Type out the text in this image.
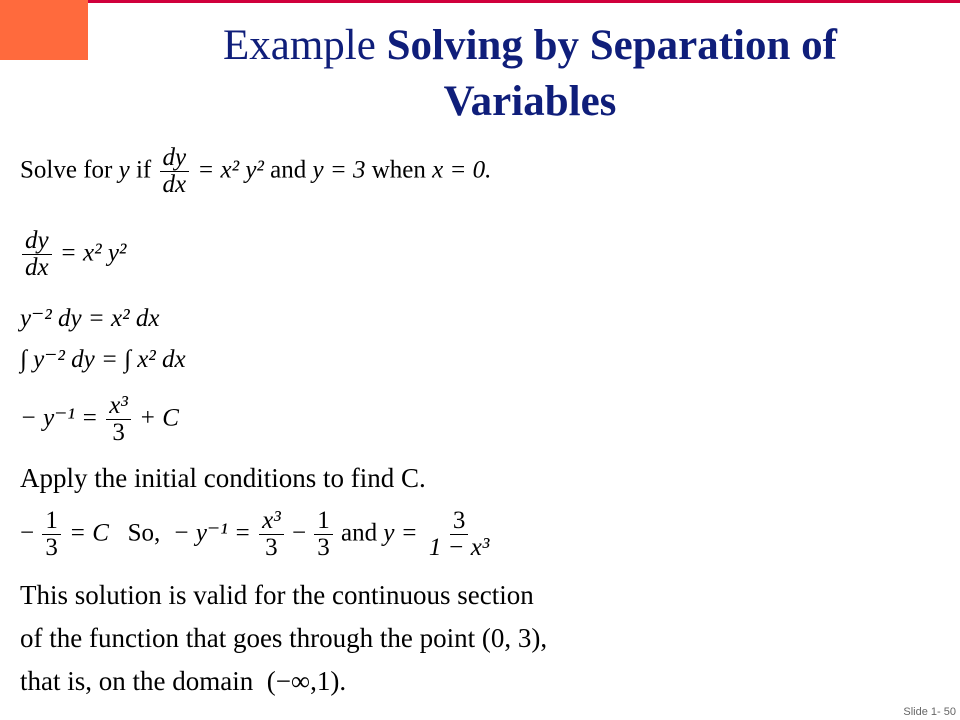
Example Solving by Separation of
Variables
Solve for y if $\frac{dy}{dx} = x^2$ y² and y = 3 when x = 0.
$\frac{dy}{dx} = x^2$ y²
y⁻² dy = x² dx
∫ y⁻² dy = ∫ x² dx
− $y^{-1} = \frac{\text{x³}}{3} + C$
Apply the initial conditions to find C.
− $\frac{1}{3} = C$ So, − $y^{-1} = \frac{\text{x³}}{3} - \frac{1}{3}$ and $y = \frac{3}{\text{1 − x³}}$
This solution is valid for the continuous section
of the function that goes through the point (0, 3),
that is, on the domain (−∞,1).
Slide 1- 50
